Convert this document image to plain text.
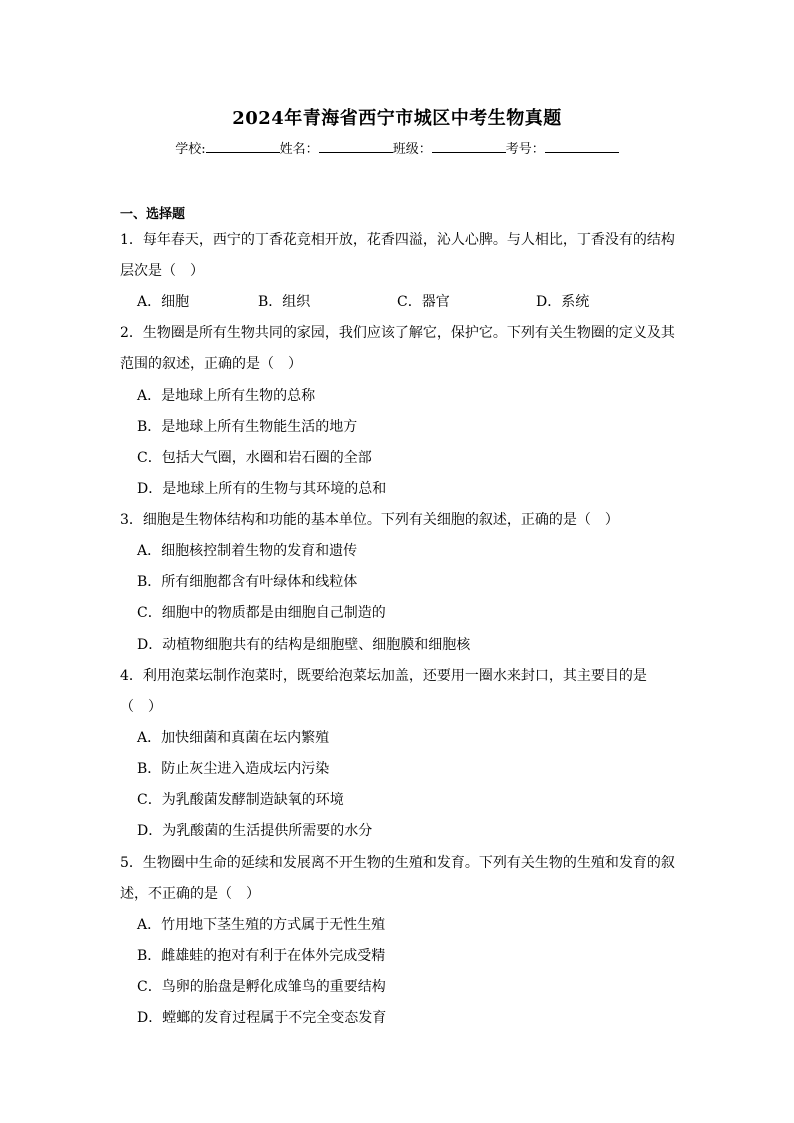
2024年青海省西宁市城区中考生物真题
学校:	姓名：	班级：	考号：
一、选择题
1．每年春天，西宁的丁香花竞相开放，花香四溢，沁人心脾。与人相比，丁香没有的结构
层次是（　）
A．细胞	B．组织	C．器官	D．系统
2．生物圈是所有生物共同的家园，我们应该了解它，保护它。下列有关生物圈的定义及其
范围的叙述，正确的是（　）
A．是地球上所有生物的总称
B．是地球上所有生物能生活的地方
C．包括大气圈，水圈和岩石圈的全部
D．是地球上所有的生物与其环境的总和
3．细胞是生物体结构和功能的基本单位。下列有关细胞的叙述，正确的是（　）
A．细胞核控制着生物的发育和遗传
B．所有细胞都含有叶绿体和线粒体
C．细胞中的物质都是由细胞自己制造的
D．动植物细胞共有的结构是细胞壁、细胞膜和细胞核
4．利用泡菜坛制作泡菜时，既要给泡菜坛加盖，还要用一圈水来封口，其主要目的是
（　）
A．加快细菌和真菌在坛内繁殖
B．防止灰尘进入造成坛内污染
C．为乳酸菌发酵制造缺氧的环境
D．为乳酸菌的生活提供所需要的水分
5．生物圈中生命的延续和发展离不开生物的生殖和发育。下列有关生物的生殖和发育的叙
述，不正确的是（　）
A．竹用地下茎生殖的方式属于无性生殖
B．雌雄蛙的抱对有利于在体外完成受精
C．鸟卵的胎盘是孵化成雏鸟的重要结构
D．螳螂的发育过程属于不完全变态发育
